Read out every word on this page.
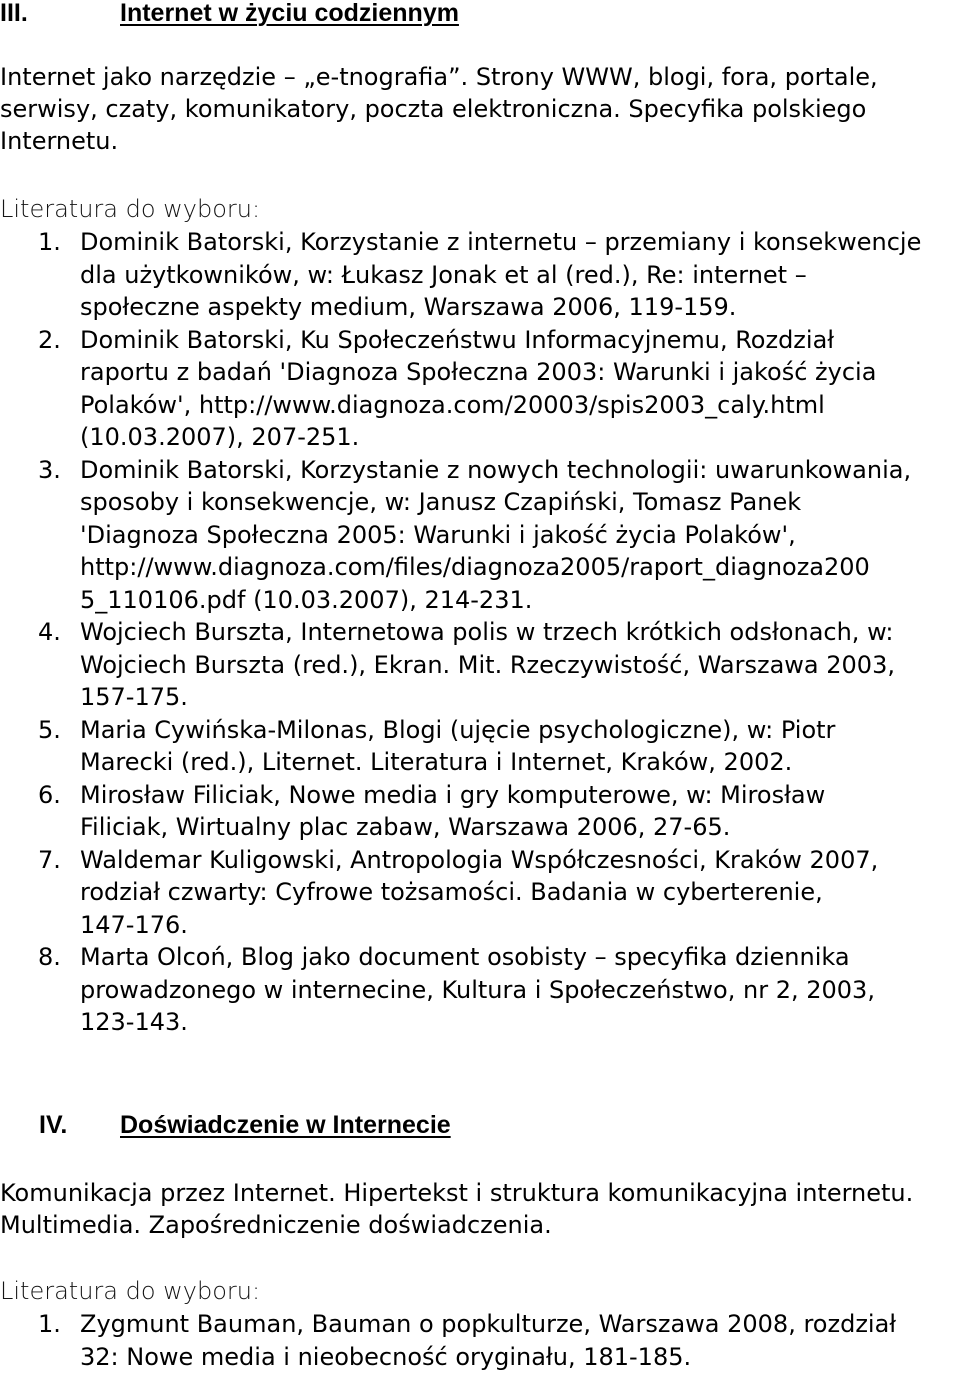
III.	Internet w życiu codziennym
Internet jako narzędzie – „e-tnografia”. Strony WWW, blogi, fora, portale,
serwisy, czaty, komunikatory, poczta elektroniczna. Specyfika polskiego
Internetu.
Literatura do wyboru:
1. Dominik Batorski, Korzystanie z internetu – przemiany i konsekwencje
dla użytkowników, w: Łukasz Jonak et al (red.), Re: internet –
społeczne aspekty medium, Warszawa 2006, 119-159.
2. Dominik Batorski, Ku Społeczeństwu Informacyjnemu, Rozdział
raportu z badań 'Diagnoza Społeczna 2003: Warunki i jakość życia
Polaków', http://www.diagnoza.com/20003/spis2003_caly.html
(10.03.2007), 207-251.
3. Dominik Batorski, Korzystanie z nowych technologii: uwarunkowania,
sposoby i konsekwencje, w: Janusz Czapiński, Tomasz Panek
'Diagnoza Społeczna 2005: Warunki i jakość życia Polaków',
http://www.diagnoza.com/files/diagnoza2005/raport_diagnoza200
5_110106.pdf (10.03.2007), 214-231.
4. Wojciech Burszta, Internetowa polis w trzech krótkich odsłonach, w:
Wojciech Burszta (red.), Ekran. Mit. Rzeczywistość, Warszawa 2003,
157-175.
5. Maria Cywińska-Milonas, Blogi (ujęcie psychologiczne), w: Piotr
Marecki (red.), Liternet. Literatura i Internet, Kraków, 2002.
6. Mirosław Filiciak, Nowe media i gry komputerowe, w: Mirosław
Filiciak, Wirtualny plac zabaw, Warszawa 2006, 27-65.
7. Waldemar Kuligowski, Antropologia Współczesności, Kraków 2007,
rodział czwarty: Cyfrowe tożsamości. Badania w cyberterenie,
147-176.
8. Marta Olcoń, Blog jako document osobisty – specyfika dziennika
prowadzonego w internecine, Kultura i Społeczeństwo, nr 2, 2003,
123-143.
IV. Doświadczenie w Internecie
Komunikacja przez Internet. Hipertekst i struktura komunikacyjna internetu.
Multimedia. Zapośredniczenie doświadczenia.
Literatura do wyboru:
1. Zygmunt Bauman, Bauman o popkulturze, Warszawa 2008, rozdział
32: Nowe media i nieobecność oryginału, 181-185.
